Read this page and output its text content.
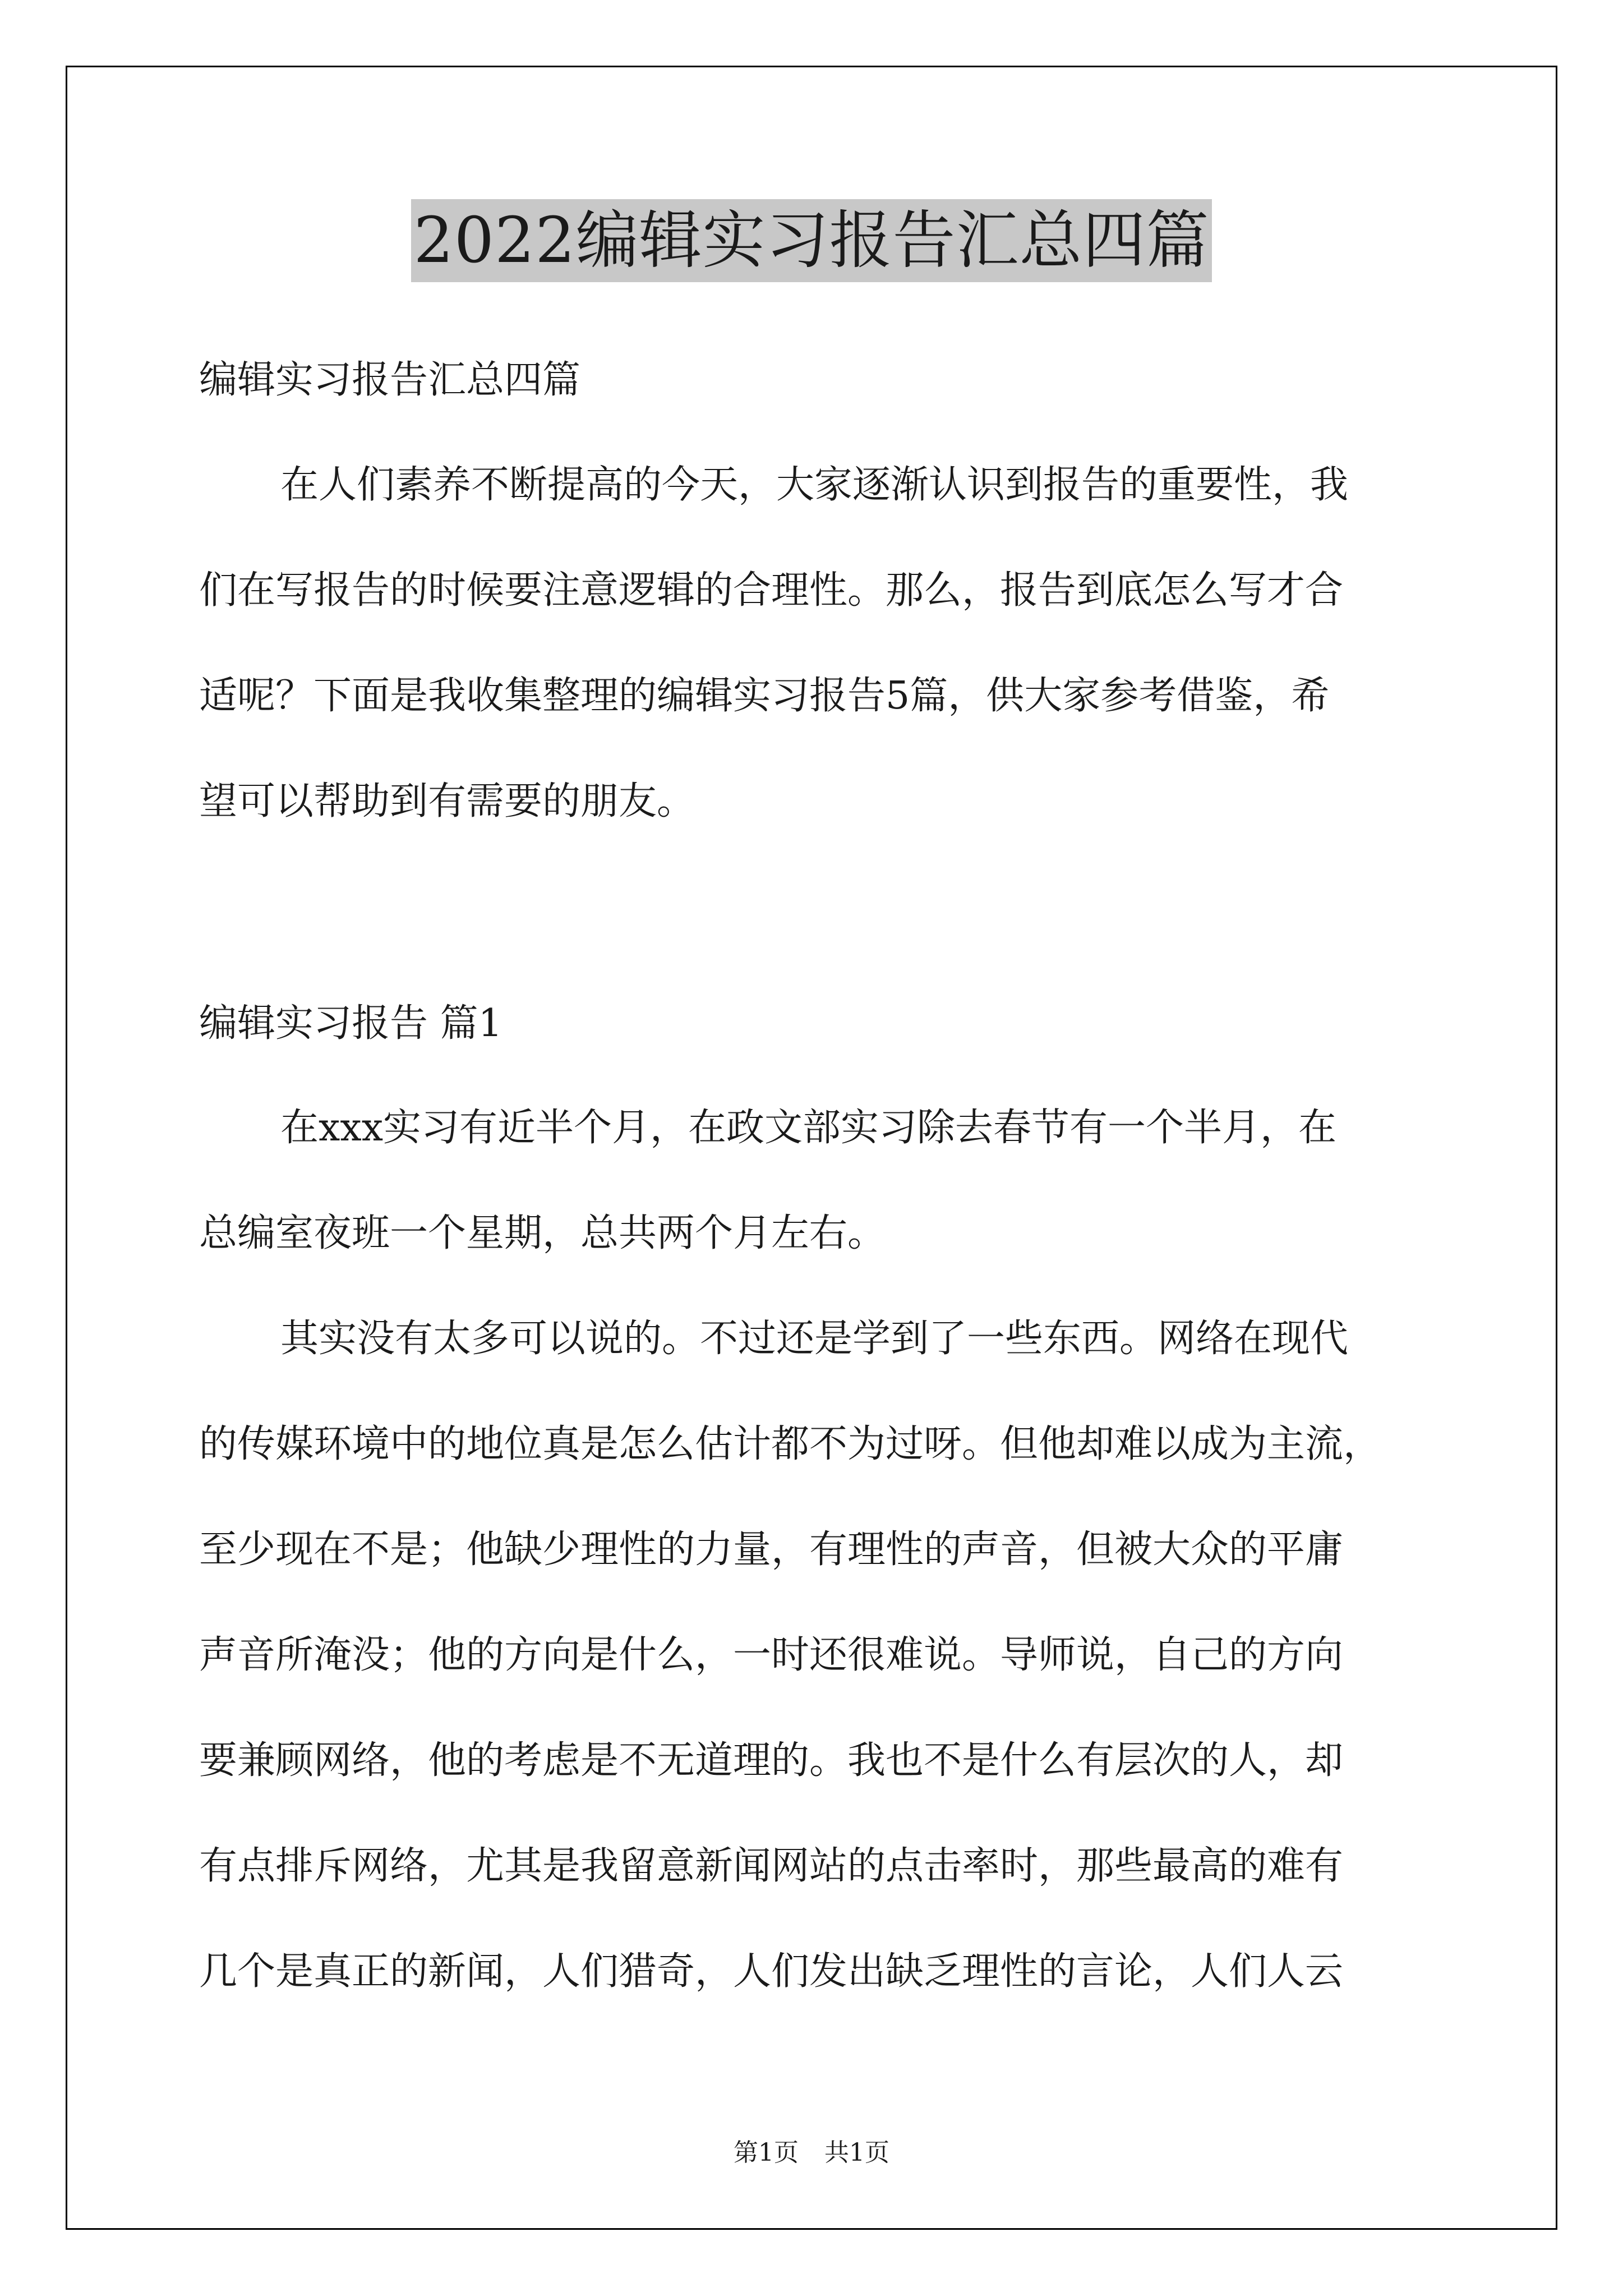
2022编辑实习报告汇总四篇
编辑实习报告汇总四篇
在人们素养不断提高的今天，大家逐渐认识到报告的重要性，我
们在写报告的时候要注意逻辑的合理性。那么，报告到底怎么写才合
适呢？下面是我收集整理的编辑实习报告5篇，供大家参考借鉴，希
望可以帮助到有需要的朋友。
编辑实习报告 篇1
在xxx实习有近半个月，在政文部实习除去春节有一个半月，在
总编室夜班一个星期，总共两个月左右。
其实没有太多可以说的。不过还是学到了一些东西。网络在现代
的传媒环境中的地位真是怎么估计都不为过呀。但他却难以成为主流，
至少现在不是；他缺少理性的力量，有理性的声音，但被大众的平庸
声音所淹没；他的方向是什么，一时还很难说。导师说，自己的方向
要兼顾网络，他的考虑是不无道理的。我也不是什么有层次的人，却
有点排斥网络，尤其是我留意新闻网站的点击率时，那些最高的难有
几个是真正的新闻，人们猎奇，人们发出缺乏理性的言论，人们人云
第1页 共1页
